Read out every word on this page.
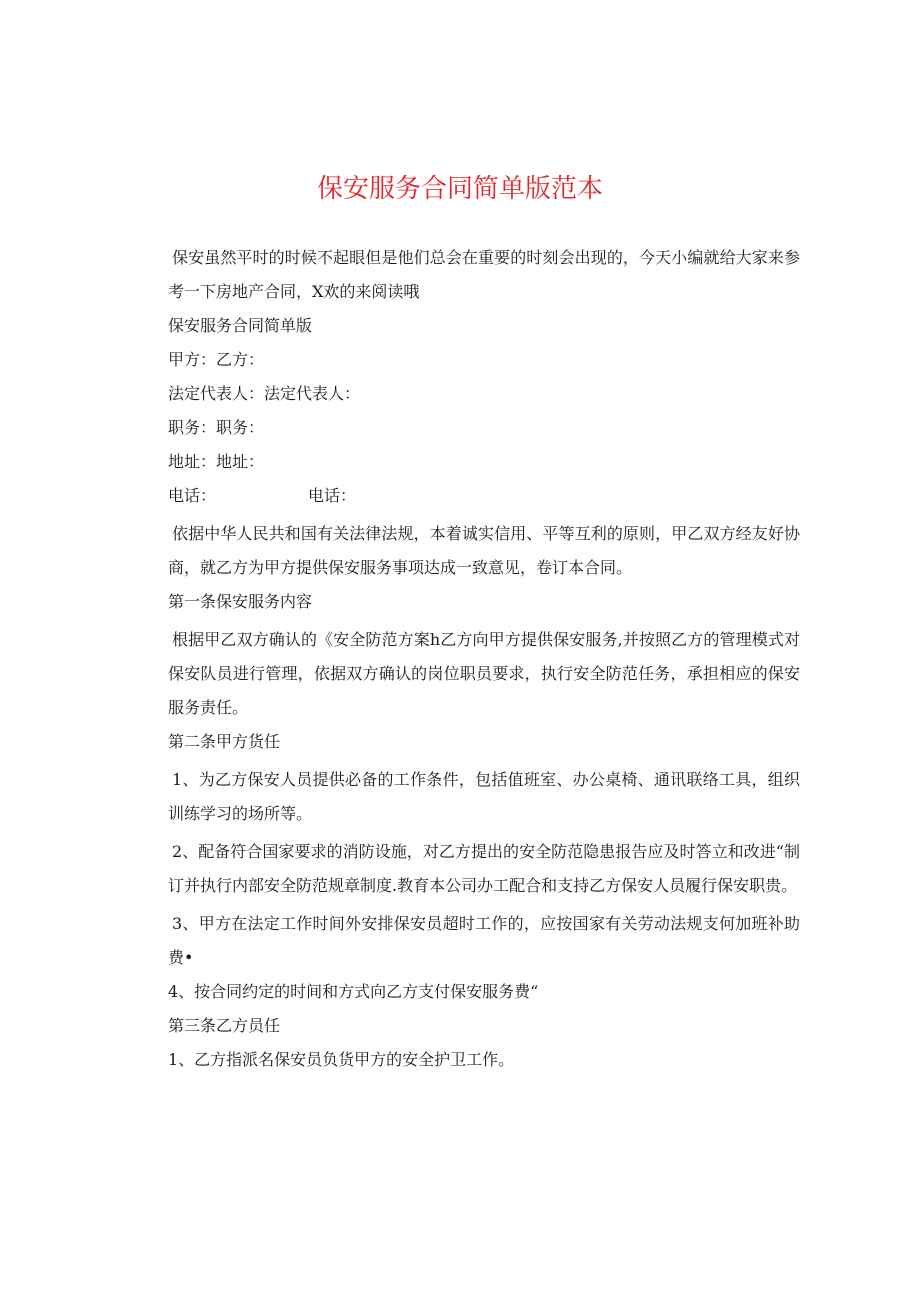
保安服务合同简单版范本

保安虽然平时的时候不起眼但是他们总会在重要的时刻会出现的，今天小编就给大家来参考一下房地产合同，X欢的来阅读哦

保安服务合同简单版

甲方：乙方：

法定代表人：法定代表人：

职务：职务：

地址：地址：

电话：	电话：

依据中华人民共和国有关法律法规，本着诚实信用、平等互利的原则，甲乙双方经友好协商，就乙方为甲方提供保安服务事项达成一致意见，卷订本合同。

第一条保安服务内容

根据甲乙双方确认的《安全防范方案h乙方向甲方提供保安服务,并按照乙方的管理模式对保安队员进行管理，依据双方确认的岗位职员要求，执行安全防范任务，承担相应的保安服务责任。

第二条甲方货任

1、为乙方保安人员提供必备的工作条件，包括值班室、办公桌椅、通讯联络工具，组织训练学习的场所等。

2、配备符合国家要求的消防设施，对乙方提出的安全防范隐患报告应及时答立和改进“制订并执行内部安全防范规章制度.教育本公司办工配合和支持乙方保安人员履行保安职贵。

3、甲方在法定工作时间外安排保安员超时工作的，应按国家有关劳动法规支何加班补助费•

4、按合同约定的时间和方式向乙方支付保安服务费“

第三条乙方员任

1、乙方指派名保安员负货甲方的安全护卫工作。
